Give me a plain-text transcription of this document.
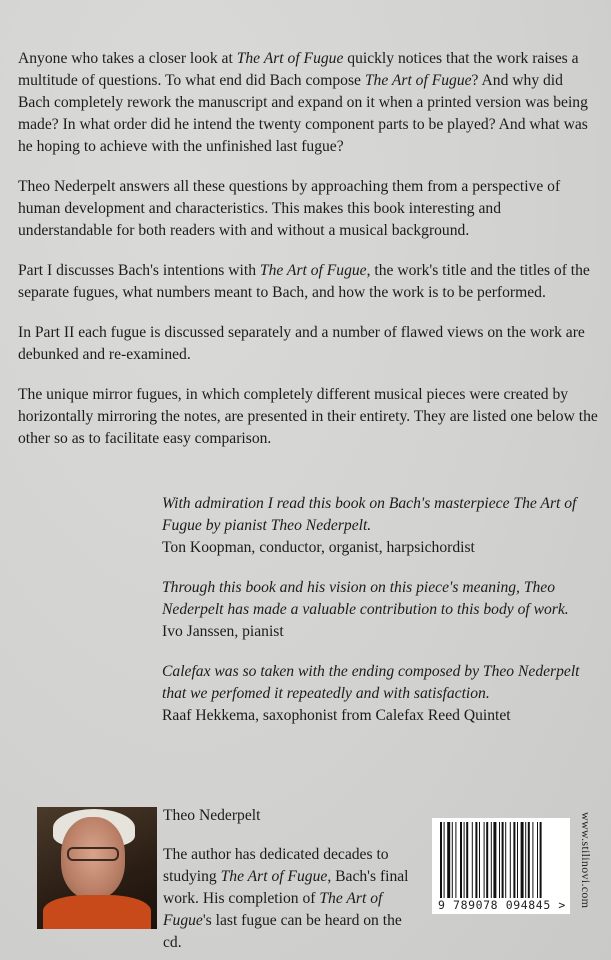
Anyone who takes a closer look at The Art of Fugue quickly notices that the work raises a multitude of questions. To what end did Bach compose The Art of Fugue? And why did Bach completely rework the manuscript and expand on it when a printed version was being made? In what order did he intend the twenty component parts to be played? And what was he hoping to achieve with the unfinished last fugue?

Theo Nederpelt answers all these questions by approaching them from a perspective of human development and characteristics. This makes this book interesting and understandable for both readers with and without a musical background.

Part I discusses Bach's intentions with The Art of Fugue, the work's title and the titles of the separate fugues, what numbers meant to Bach, and how the work is to be performed.

In Part II each fugue is discussed separately and a number of flawed views on the work are debunked and re-examined.

The unique mirror fugues, in which completely different musical pieces were created by horizontally mirroring the notes, are presented in their entirety. They are listed one below the other so as to facilitate easy comparison.

With admiration I read this book on Bach's masterpiece The Art of Fugue by pianist Theo Nederpelt.
Ton Koopman, conductor, organist, harpsichordist
Through this book and his vision on this piece's meaning, Theo Nederpelt has made a valuable contribution to this body of work.
Ivo Janssen, pianist
Calefax was so taken with the ending composed by Theo Nederpelt that we perfomed it repeatedly and with satisfaction.
Raaf Hekkema, saxophonist from Calefax Reed Quintet
Theo Nederpelt
The author has dedicated decades to studying The Art of Fugue, Bach's final work. His completion of The Art of Fugue's last fugue can be heard on the cd.
9 789078 094845 >	www.stilinovi.com
